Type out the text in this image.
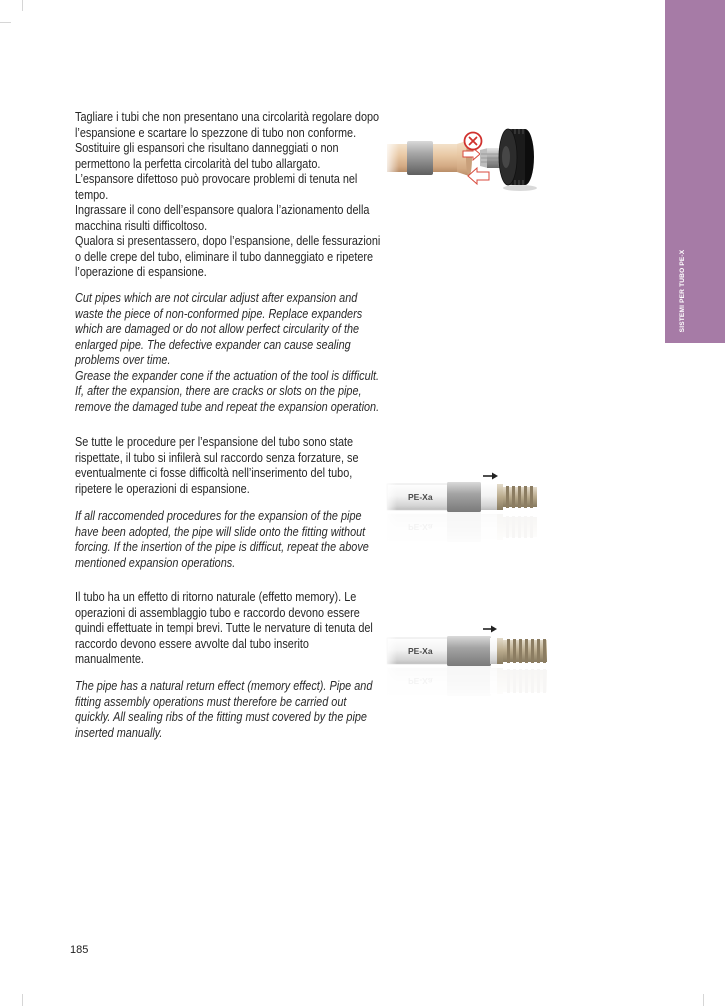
SISTEMI PER TUBO PE-X
Tagliare i tubi che non presentano una circolarità regolare dopo
l’espansione e scartare lo spezzone di tubo non conforme.
Sostituire gli espansori che risultano danneggiati o non
permettono la perfetta circolarità del tubo allargato.
L’espansore difettoso può provocare problemi di tenuta nel
tempo.
Ingrassare il cono dell’espansore qualora l’azionamento della
macchina risulti difficoltoso.
Qualora si presentassero, dopo l’espansione, delle fessurazioni
o delle crepe del tubo, eliminare il tubo danneggiato e ripetere
l’operazione di espansione.
Cut pipes which are not circular adjust after expansion and
waste the piece of non-conformed pipe. Replace expanders
which are damaged or do not allow perfect circularity of the
enlarged pipe. The defective expander can cause sealing
problems over time.
Grease the expander cone if the actuation of the tool is difficult.
If, after the expansion, there are cracks or slots on the pipe,
remove the damaged tube and repeat the expansion operation.
Se tutte le procedure per l’espansione del tubo sono state
rispettate, il tubo si infilerà sul raccordo senza forzature, se
eventualmente ci fosse difficoltà nell’inserimento del tubo,
ripetere le operazioni di espansione.
If all raccomended procedures for the expansion of the pipe
have been adopted, the pipe will slide onto the fitting without
forcing. If the insertion of the pipe is difficut, repeat the above
mentioned expansion operations.
PE-Xa
Il tubo ha un effetto di ritorno naturale (effetto memory). Le
operazioni di assemblaggio tubo e raccordo devono essere
quindi effettuate in tempi brevi. Tutte le nervature di tenuta del
raccordo devono essere avvolte dal tubo inserito
manualmente.
The pipe has a natural return effect (memory effect). Pipe and
fitting assembly operations must therefore be carried out
quickly. All sealing ribs of the fitting must covered by the pipe
inserted manually.
PE-Xa
185
